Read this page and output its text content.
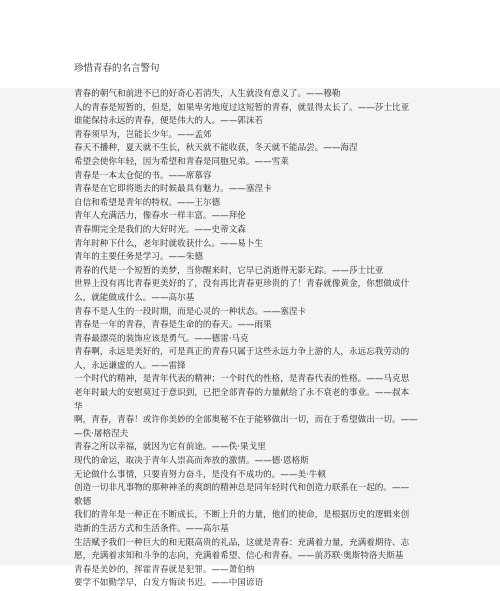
珍惜青春的名言警句
青春的朝气和前进不已的好奇心若消失，人生就没有意义了。——穆勒
人的青春是短暂的，但是，如果卑劣地度过这短暂的青春，就显得太长了。——莎士比亚
谁能保持永远的青春，便是伟大的人。——郭沫若
青春须早为，岂能长少年。——孟郊
春天不播种，夏天就不生长，秋天就不能收获，冬天就不能品尝。——海涅
希望会使你年轻，因为希望和青春是同胞兄弟。——雪莱
青春是一本太仓促的书。——席慕容
青春是在它即将逝去的时候最具有魅力。——塞涅卡
自信和希望是青年的特权。——王尔德
青年人充满活力，像春水一样丰富。——拜伦
青春期完全是我们的大好时光。——史蒂文森
青年时种下什么，老年时就收获什么。——易卜生
青年的主要任务是学习。——朱德
青春的代是一个短暂的美梦，当你醒来时，它早已消逝得无影无踪。——莎士比亚
世界上没有再比青春更美好的了，没有再比青春更珍贵的了！青春就像黄金，你想做成什
么，就能做成什么。——高尔基
青春不是人生的一段时期，而是心灵的一种状态。——塞涅卡
青春是一年的青春，青春是生命的的春天。——雨果
青春最漂亮的装饰应该是勇气。——德雷·马克
青春啊，永远是美好的，可是真正的青春只属于这些永远力争上游的人，永远忘我劳动的
人，永远谦虚的人。——雷锋
一个时代的精神，是青年代表的精神；一个时代的性格，是青春代表的性格。——马克思
老年时最大的安慰莫过于意识到，已把全部青春的力量献给了永不衰老的事业。——叔本
华
啊，青春，青春！或许你美妙的全部奥秘不在于能够做出一切，而在于希望做出一切。——
—佚·屠格涅夫
青春之所以幸福，就因为它有前途。——佚·果戈里
现代的命运，取决于青年人崇高而奔放的激情。——德·恩格斯
无论做什么事情，只要肯努力奋斗，是没有不成功的。——美·牛顿
创造一切非凡事物的那种神圣的爽朗的精神总是同年轻时代和创造力联系在一起的。——
歌德
我们的青年是一种正在不断成长，不断上升的力量，他们的使命，是根据历史的逻辑来创
造新的生活方式和生活条件。——高尔基
生活赋予我们一种巨大的和无限高贵的礼品，这就是青春：充满着力量，充满着期待、志
愿，充满着求知和斗争的志向，充满着希望、信心和青春。——前苏联·奥斯特洛夫斯基
青春是美妙的，挥霍青春就是犯罪。——萧伯纳
要学不如勤学早，白发方悔读书迟。——中国谚语
